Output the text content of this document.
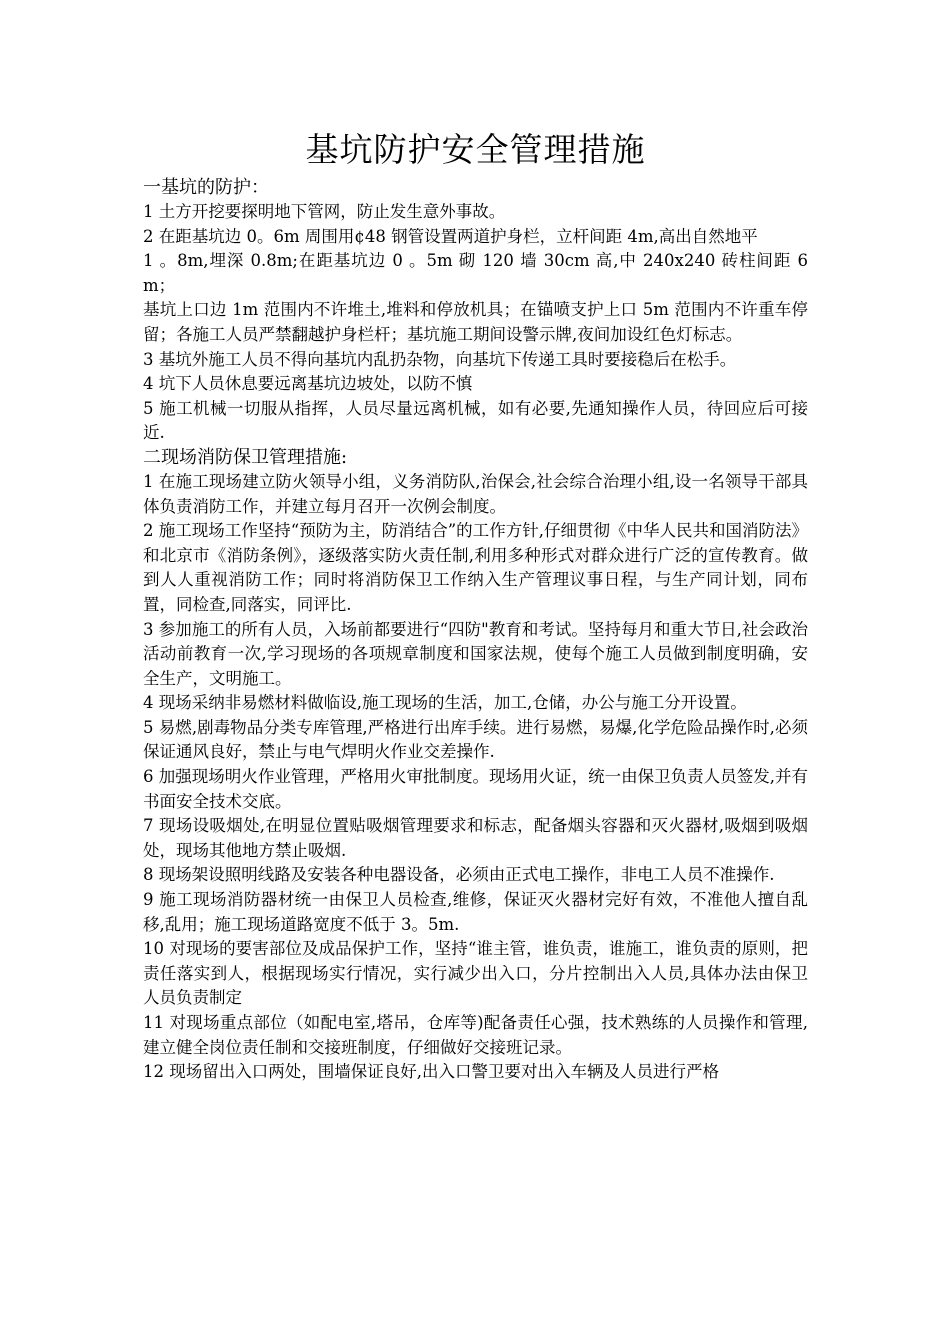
基坑防护安全管理措施
一基坑的防护：

1 土方开挖要探明地下管网，防止发生意外事故。

2 在距基坑边 0。6m 周围用¢48 钢管设置两道护身栏，立杆间距 4m,高出自然地平

1 。8m,埋深 0.8m;在距基坑边 0 。5m 砌 120 墙 30cm 高,中 240x240 砖柱间距 6m；

基坑上口边 1m 范围内不许堆土,堆料和停放机具；在锚喷支护上口 5m 范围内不许重车停留；各施工人员严禁翻越护身栏杆；基坑施工期间设警示牌,夜间加设红色灯标志。

3 基坑外施工人员不得向基坑内乱扔杂物，向基坑下传递工具时要接稳后在松手。

4 坑下人员休息要远离基坑边坡处，以防不慎

5 施工机械一切服从指挥，人员尽量远离机械，如有必要,先通知操作人员，待回应后可接近.

二现场消防保卫管理措施:

1 在施工现场建立防火领导小组，义务消防队,治保会,社会综合治理小组,设一名领导干部具体负责消防工作，并建立每月召开一次例会制度。

2 施工现场工作坚持“预防为主，防消结合”的工作方针,仔细贯彻《中华人民共和国消防法》和北京市《消防条例》，逐级落实防火责任制,利用多种形式对群众进行广泛的宣传教育。做到人人重视消防工作；同时将消防保卫工作纳入生产管理议事日程，与生产同计划，同布置，同检查,同落实，同评比.

3 参加施工的所有人员，入场前都要进行“四防"教育和考试。坚持每月和重大节日,社会政治活动前教育一次,学习现场的各项规章制度和国家法规，使每个施工人员做到制度明确，安全生产，文明施工。

4 现场采纳非易燃材料做临设,施工现场的生活，加工,仓储，办公与施工分开设置。

5 易燃,剧毒物品分类专库管理,严格进行出库手续。进行易燃，易爆,化学危险品操作时,必须保证通风良好，禁止与电气焊明火作业交差操作.

6 加强现场明火作业管理，严格用火审批制度。现场用火证，统一由保卫负责人员签发,并有书面安全技术交底。

7 现场设吸烟处,在明显位置贴吸烟管理要求和标志，配备烟头容器和灭火器材,吸烟到吸烟处，现场其他地方禁止吸烟.

8 现场架设照明线路及安装各种电器设备，必须由正式电工操作，非电工人员不准操作.

9 施工现场消防器材统一由保卫人员检查,维修，保证灭火器材完好有效，不准他人擅自乱移,乱用；施工现场道路宽度不低于 3。5m.

10 对现场的要害部位及成品保护工作，坚持“谁主管，谁负责，谁施工，谁负责的原则，把责任落实到人，根据现场实行情况，实行减少出入口，分片控制出入人员,具体办法由保卫人员负责制定

11 对现场重点部位（如配电室,塔吊，仓库等)配备责任心强，技术熟练的人员操作和管理,建立健全岗位责任制和交接班制度，仔细做好交接班记录。

12 现场留出入口两处，围墙保证良好,出入口警卫要对出入车辆及人员进行严格
